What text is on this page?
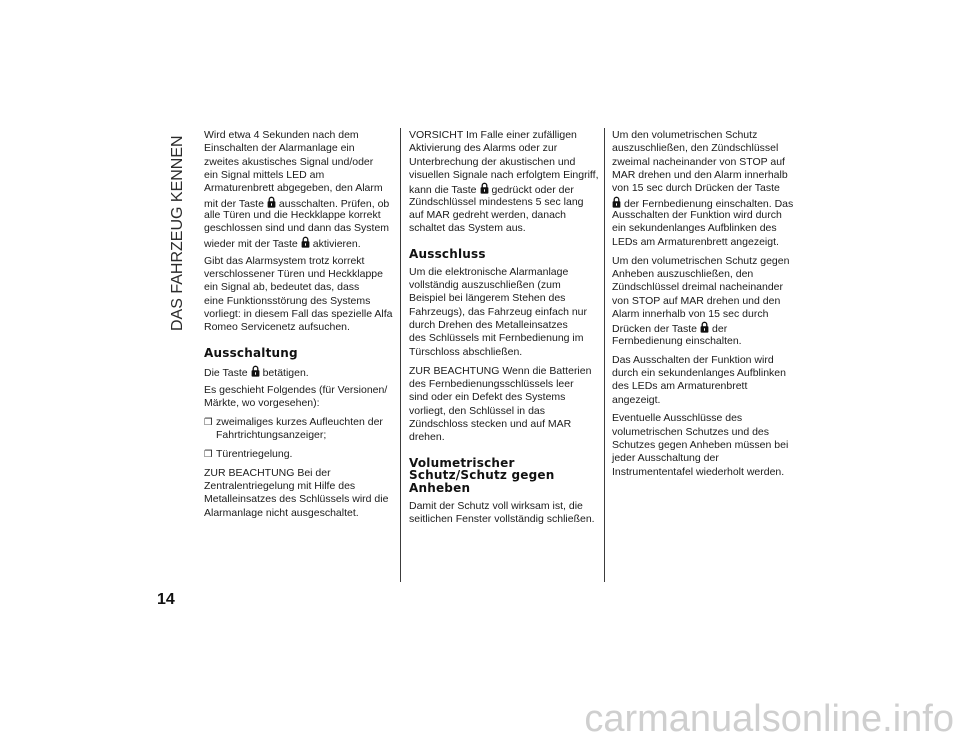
DAS FAHRZEUG KENNEN
Wird etwa 4 Sekunden nach dem
Einschalten der Alarmanlage ein
zweites akustisches Signal und/oder
ein Signal mittels LED am
Armaturenbrett abgegeben, den Alarm
mit der Taste ausschalten. Prüfen, ob
alle Türen und die Heckklappe korrekt
geschlossen sind und dann das System
wieder mit der Taste aktivieren.
Gibt das Alarmsystem trotz korrekt
verschlossener Türen und Heckklappe
ein Signal ab, bedeutet das, dass
eine Funktionsstörung des Systems
vorliegt: in diesem Fall das spezielle Alfa
Romeo Servicenetz aufsuchen.
Ausschaltung
Die Taste betätigen.
Es geschieht Folgendes (für Versionen/
Märkte, wo vorgesehen):
❒ zweimaliges kurzes Aufleuchten der
Fahrtrichtungsanzeiger;
❒ Türentriegelung.
ZUR BEACHTUNG Bei der
Zentralentriegelung mit Hilfe des
Metalleinsatzes des Schlüssels wird die
Alarmanlage nicht ausgeschaltet.
VORSICHT Im Falle einer zufälligen
Aktivierung des Alarms oder zur
Unterbrechung der akustischen und
visuellen Signale nach erfolgtem Eingriff,
kann die Taste gedrückt oder der
Zündschlüssel mindestens 5 sec lang
auf MAR gedreht werden, danach
schaltet das System aus.
Ausschluss
Um die elektronische Alarmanlage
vollständig auszuschließen (zum
Beispiel bei längerem Stehen des
Fahrzeugs), das Fahrzeug einfach nur
durch Drehen des Metalleinsatzes
des Schlüssels mit Fernbedienung im
Türschloss abschließen.
ZUR BEACHTUNG Wenn die Batterien
des Fernbedienungsschlüssels leer
sind oder ein Defekt des Systems
vorliegt, den Schlüssel in das
Zündschloss stecken und auf MAR
drehen.
Volumetrischer
Schutz/Schutz gegen
Anheben
Damit der Schutz voll wirksam ist, die
seitlichen Fenster vollständig schließen.
Um den volumetrischen Schutz
auszuschließen, den Zündschlüssel
zweimal nacheinander von STOP auf
MAR drehen und den Alarm innerhalb
von 15 sec durch Drücken der Taste
der Fernbedienung einschalten. Das
Ausschalten der Funktion wird durch
ein sekundenlanges Aufblinken des
LEDs am Armaturenbrett angezeigt.
Um den volumetrischen Schutz gegen
Anheben auszuschließen, den
Zündschlüssel dreimal nacheinander
von STOP auf MAR drehen und den
Alarm innerhalb von 15 sec durch
Drücken der Taste der
Fernbedienung einschalten.
Das Ausschalten der Funktion wird
durch ein sekundenlanges Aufblinken
des LEDs am Armaturenbrett
angezeigt.
Eventuelle Ausschlüsse des
volumetrischen Schutzes und des
Schutzes gegen Anheben müssen bei
jeder Ausschaltung der
Instrumententafel wiederholt werden.
14
carmanualsonline.info
